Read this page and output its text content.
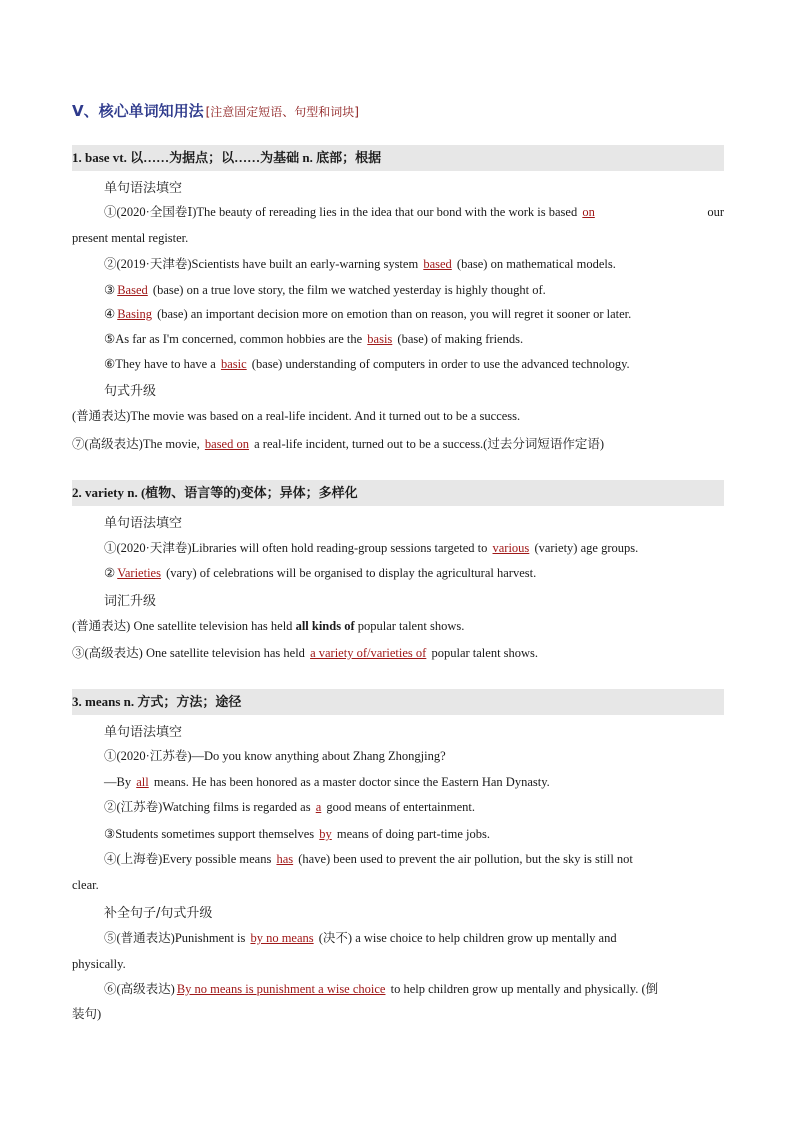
V、核心单词知用法 [注意固定短语、句型和词块]
1. base vt. 以……为据点；以……为基础 n. 底部；根据
单句语法填空
①(2020·全国卷Ⅰ)The beauty of rereading lies in the idea that our bond with the work is based on	our
present mental register.
②(2019·天津卷)Scientists have built an early-warning system based (base) on mathematical models.
③ Based (base) on a true love story, the film we watched yesterday is highly thought of.
④ Basing (base) an important decision more on emotion than on reason, you will regret it sooner or later.
⑤As far as I'm concerned, common hobbies are the basis (base) of making friends.
⑥They have to have a basic (base) understanding of computers in order to use the advanced technology.
句式升级
(普通表达)The movie was based on a real-life incident. And it turned out to be a success.
⑦(高级表达)The movie, based on a real-life incident, turned out to be a success.(过去分词短语作定语)
2. variety n. (植物、语言等的)变体；异体；多样化
单句语法填空
①(2020·天津卷)Libraries will often hold reading-group sessions targeted to various (variety) age groups.
② Varieties (vary) of celebrations will be organised to display the agricultural harvest.
词汇升级
(普通表达) One satellite television has held all kinds of popular talent shows.
③(高级表达) One satellite television has held a variety of/varieties of popular talent shows.
3. means n. 方式；方法；途径
单句语法填空
①(2020·江苏卷)—Do you know anything about Zhang Zhongjing?
—By all means. He has been honored as a master doctor since the Eastern Han Dynasty.
②(江苏卷)Watching films is regarded as a good means of entertainment.
③Students sometimes support themselves by means of doing part-time jobs.
④(上海卷)Every possible means has (have) been used to prevent the air pollution, but the sky is still not
clear.
补全句子/句式升级
⑤(普通表达)Punishment is by no means (决不) a wise choice to help children grow up mentally and
physically.
⑥(高级表达) By no means is punishment a wise choice to help children grow up mentally and physically. (倒
装句)
